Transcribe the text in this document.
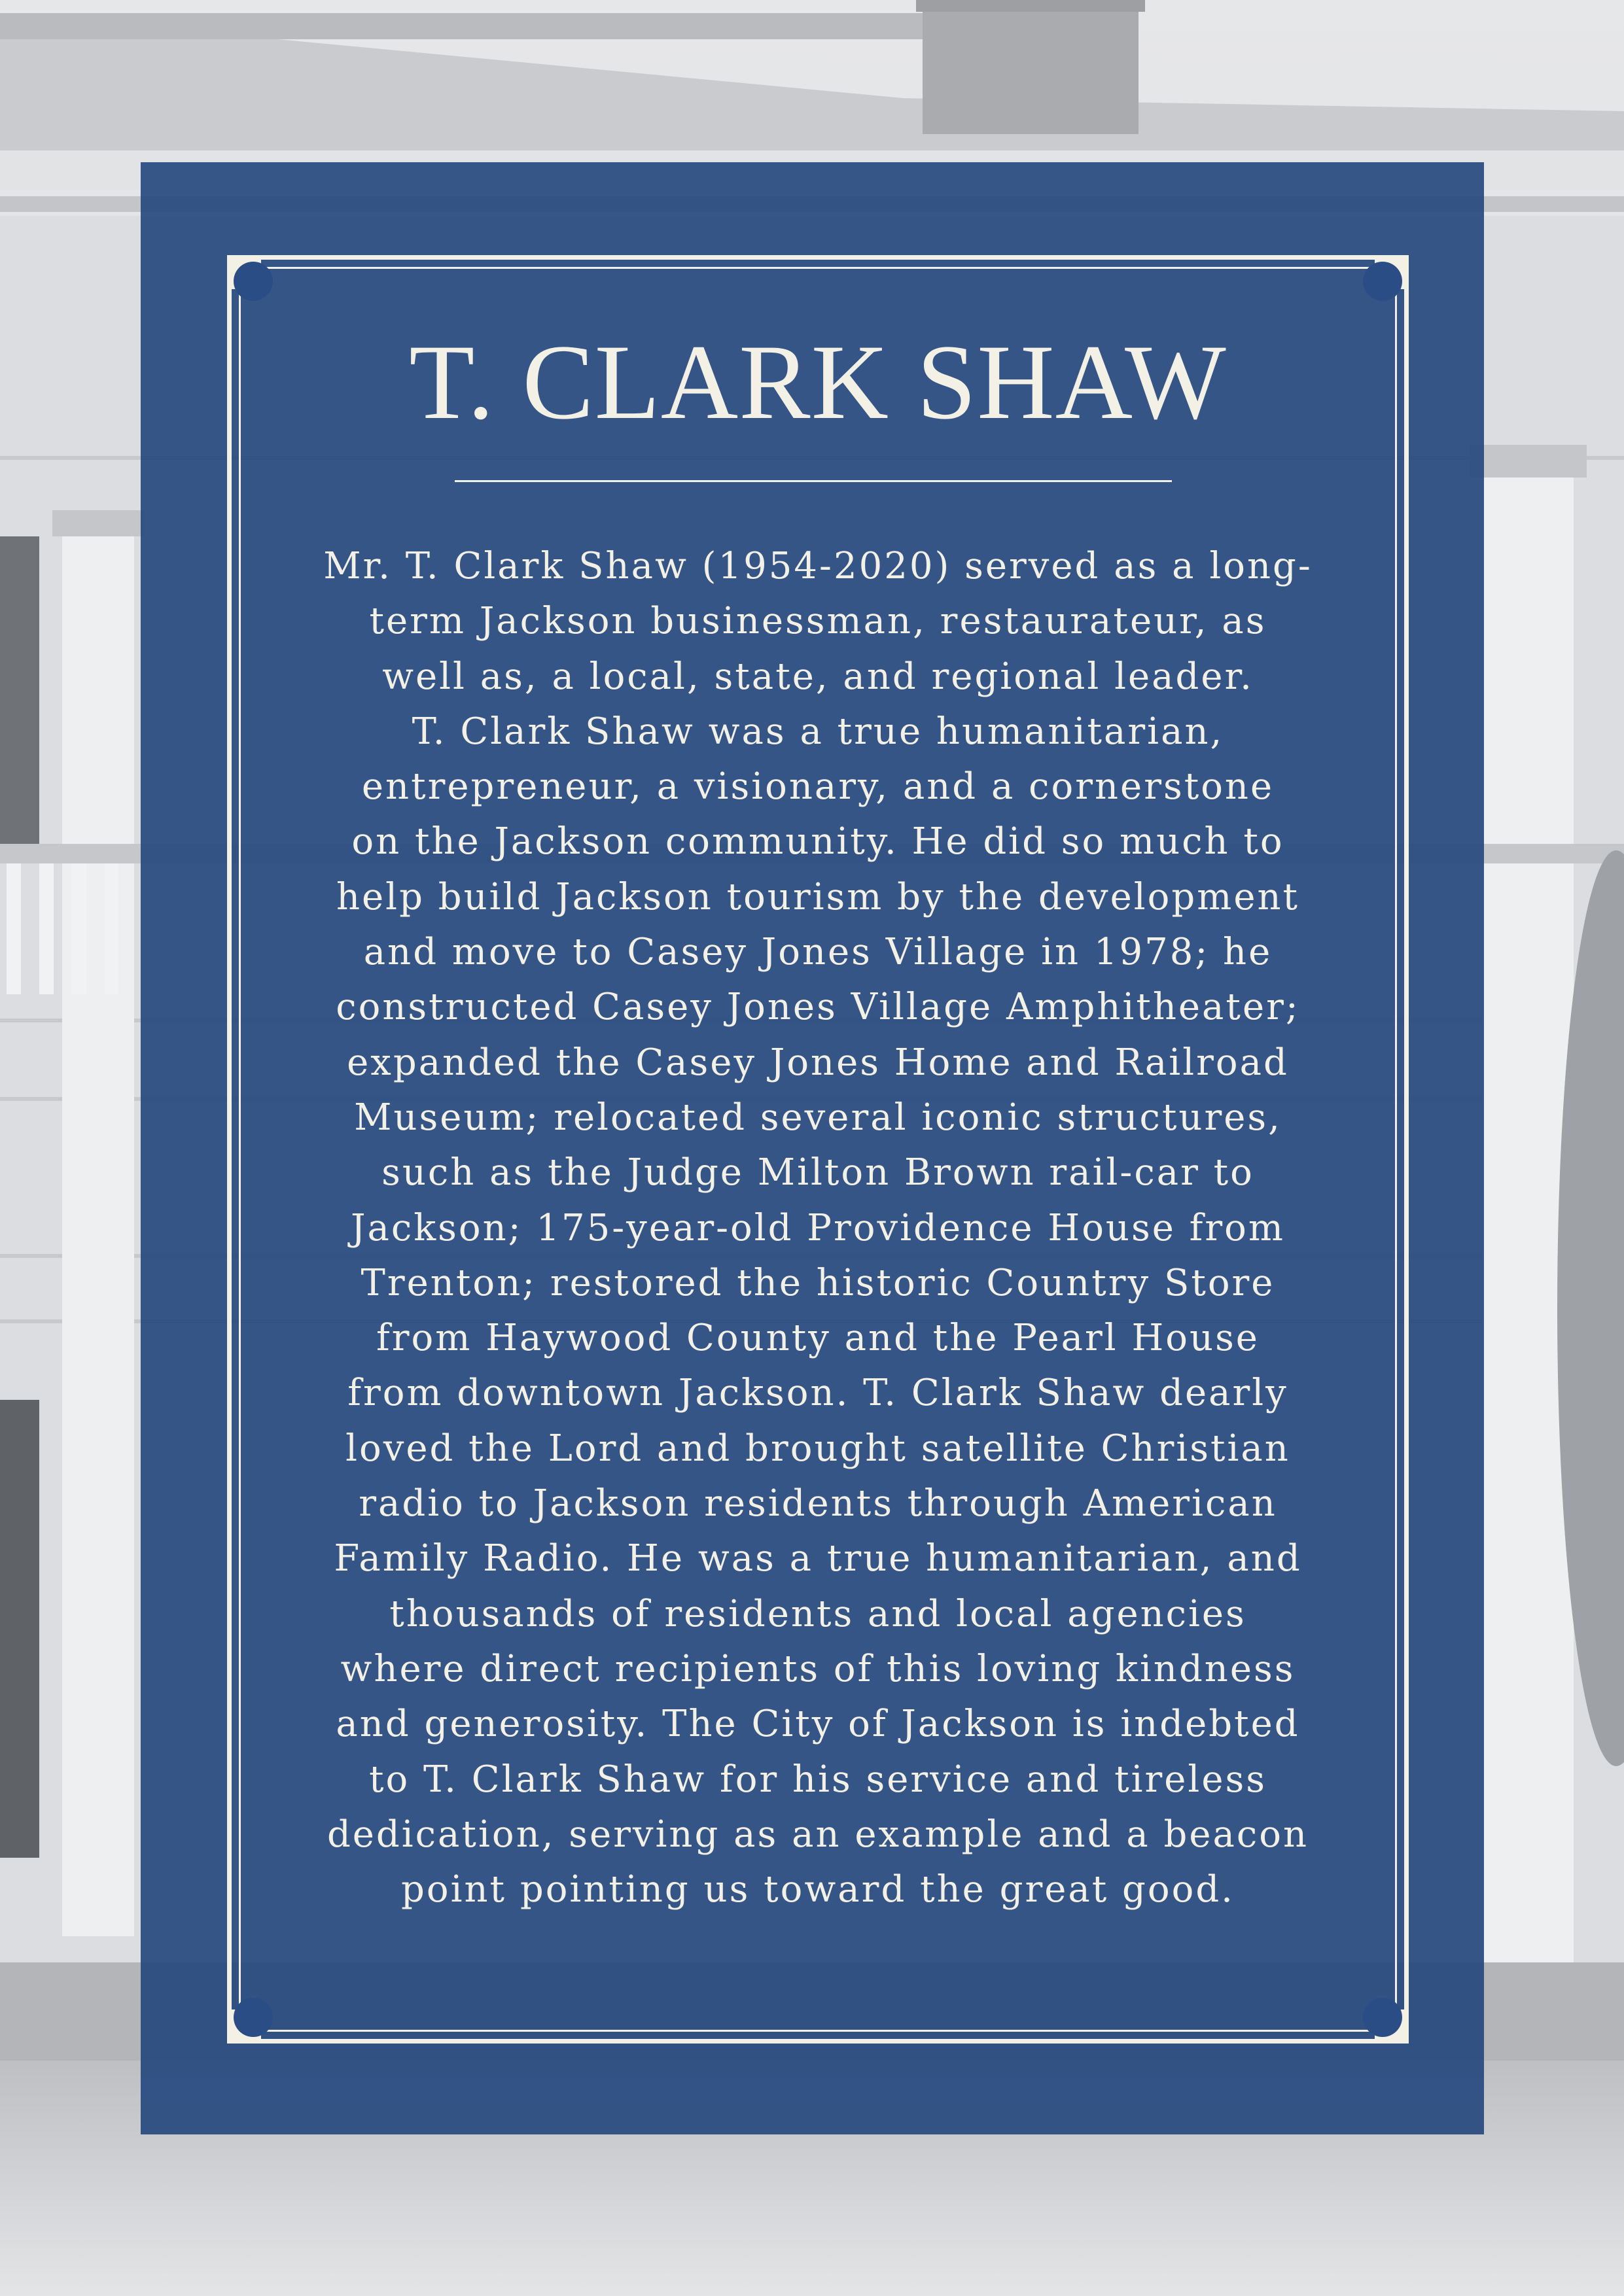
T. CLARK SHAW

Mr. T. Clark Shaw (1954-2020) served as a long-
term Jackson businessman, restaurateur, as
well as, a local, state, and regional leader.
T. Clark Shaw was a true humanitarian,
entrepreneur, a visionary, and a cornerstone
on the Jackson community. He did so much to
help build Jackson tourism by the development
and move to Casey Jones Village in 1978; he
constructed Casey Jones Village Amphitheater;
expanded the Casey Jones Home and Railroad
Museum; relocated several iconic structures,
such as the Judge Milton Brown rail-car to
Jackson; 175-year-old Providence House from
Trenton; restored the historic Country Store
from Haywood County and the Pearl House
from downtown Jackson. T. Clark Shaw dearly
loved the Lord and brought satellite Christian
radio to Jackson residents through American
Family Radio. He was a true humanitarian, and
thousands of residents and local agencies
where direct recipients of this loving kindness
and generosity. The City of Jackson is indebted
to T. Clark Shaw for his service and tireless
dedication, serving as an example and a beacon
point pointing us toward the great good.
